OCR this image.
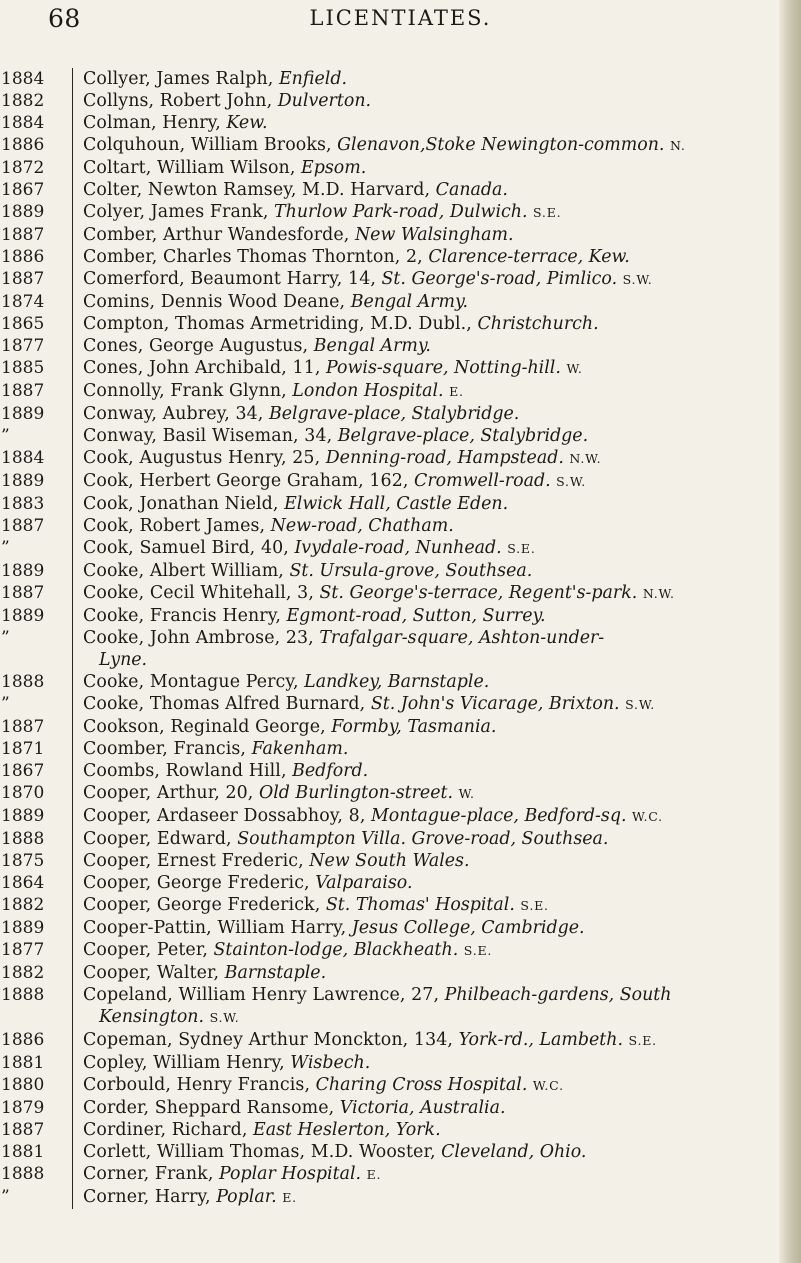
68	LICENTIATES.
1884	Collyer, James Ralph, Enfield.
1882	Collyns, Robert John, Dulverton.
1884	Colman, Henry, Kew.
1886	Colquhoun, William Brooks, Glenavon,Stoke Newington-common. N.
1872	Coltart, William Wilson, Epsom.
1867	Colter, Newton Ramsey, M.D. Harvard, Canada.
1889	Colyer, James Frank, Thurlow Park-road, Dulwich. S.E.
1887	Comber, Arthur Wandesforde, New Walsingham.
1886	Comber, Charles Thomas Thornton, 2, Clarence-terrace, Kew.
1887	Comerford, Beaumont Harry, 14, St. George's-road, Pimlico. S.W.
1874	Comins, Dennis Wood Deane, Bengal Army.
1865	Compton, Thomas Armetriding, M.D. Dubl., Christchurch.
1877	Cones, George Augustus, Bengal Army.
1885	Cones, John Archibald, 11, Powis-square, Notting-hill. W.
1887	Connolly, Frank Glynn, London Hospital. E.
1889	Conway, Aubrey, 34, Belgrave-place, Stalybridge.
”	Conway, Basil Wiseman, 34, Belgrave-place, Stalybridge.
1884	Cook, Augustus Henry, 25, Denning-road, Hampstead. N.W.
1889	Cook, Herbert George Graham, 162, Cromwell-road. S.W.
1883	Cook, Jonathan Nield, Elwick Hall, Castle Eden.
1887	Cook, Robert James, New-road, Chatham.
”	Cook, Samuel Bird, 40, Ivydale-road, Nunhead. S.E.
1889	Cooke, Albert William, St. Ursula-grove, Southsea.
1887	Cooke, Cecil Whitehall, 3, St. George's-terrace, Regent's-park. N.W.
1889	Cooke, Francis Henry, Egmont-road, Sutton, Surrey.
”	Cooke, John Ambrose, 23, Trafalgar-square, Ashton-under-
Lyne.
1888	Cooke, Montague Percy, Landkey, Barnstaple.
”	Cooke, Thomas Alfred Burnard, St. John's Vicarage, Brixton. S.W.
1887	Cookson, Reginald George, Formby, Tasmania.
1871	Coomber, Francis, Fakenham.
1867	Coombs, Rowland Hill, Bedford.
1870	Cooper, Arthur, 20, Old Burlington-street. W.
1889	Cooper, Ardaseer Dossabhoy, 8, Montague-place, Bedford-sq. W.C.
1888	Cooper, Edward, Southampton Villa. Grove-road, Southsea.
1875	Cooper, Ernest Frederic, New South Wales.
1864	Cooper, George Frederic, Valparaiso.
1882	Cooper, George Frederick, St. Thomas' Hospital. S.E.
1889	Cooper-Pattin, William Harry, Jesus College, Cambridge.
1877	Cooper, Peter, Stainton-lodge, Blackheath. S.E.
1882	Cooper, Walter, Barnstaple.
1888	Copeland, William Henry Lawrence, 27, Philbeach-gardens, South
Kensington. S.W.
1886	Copeman, Sydney Arthur Monckton, 134, York-rd., Lambeth. S.E.
1881	Copley, William Henry, Wisbech.
1880	Corbould, Henry Francis, Charing Cross Hospital. W.C.
1879	Corder, Sheppard Ransome, Victoria, Australia.
1887	Cordiner, Richard, East Heslerton, York.
1881	Corlett, William Thomas, M.D. Wooster, Cleveland, Ohio.
1888	Corner, Frank, Poplar Hospital. E.
”	Corner, Harry, Poplar. E.
